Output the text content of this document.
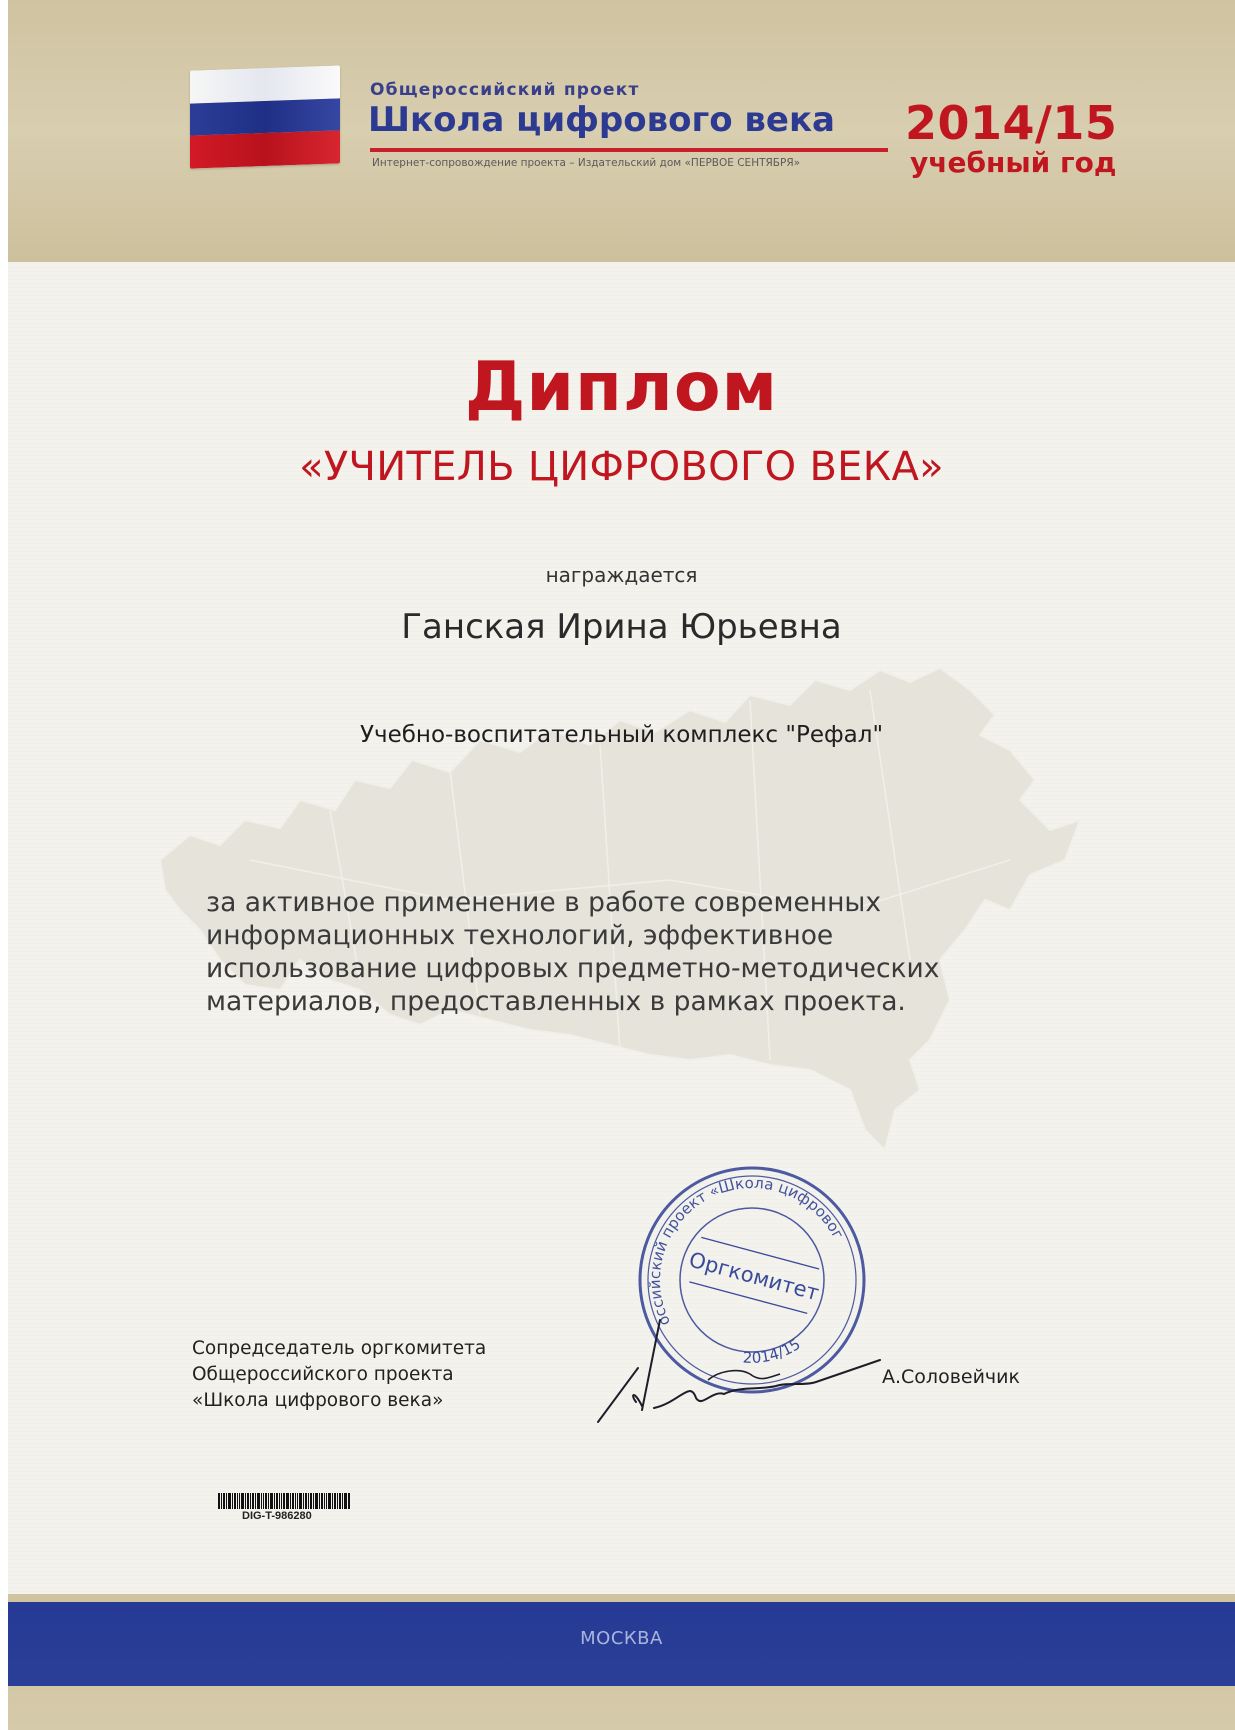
Общероссийский проект
Школа цифрового века
Интернет-сопровождение проекта – Издательский дом «ПЕРВОЕ СЕНТЯБРЯ»
2014/15
учебный год
Диплом
«УЧИТЕЛЬ ЦИФРОВОГО ВЕКА»
награждается
Ганская Ирина Юрьевна
Учебно-воспитательный комплекс "Рефал"
за активное применение в работе современных
информационных технологий, эффективное
использование цифровых предметно-методических
материалов, предоставленных в рамках проекта.
Общероссийский проект «Школа цифрового
Оргкомитет
2014/15
Сопредседатель оргкомитета
Общероссийского проекта
«Школа цифрового века»
А.Соловейчик
DIG-T-986280
МОСКВА
